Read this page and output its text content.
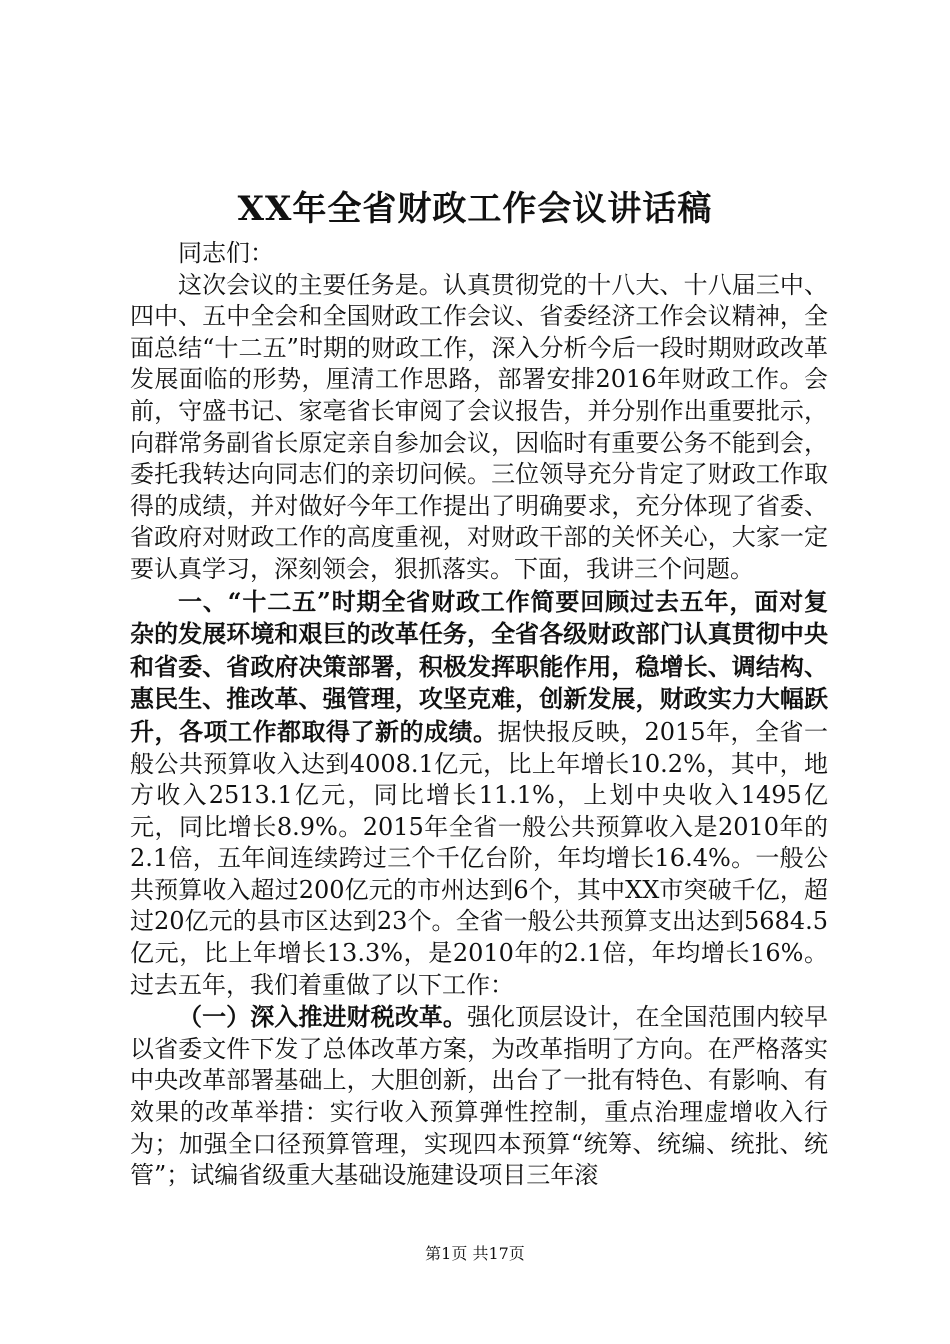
XX年全省财政工作会议讲话稿

同志们：

这次会议的主要任务是。认真贯彻党的十八大、十八届三中、四中、五中全会和全国财政工作会议、省委经济工作会议精神，全面总结“十二五”时期的财政工作，深入分析今后一段时期财政改革发展面临的形势，厘清工作思路，部署安排2016年财政工作。会前，守盛书记、家亳省长审阅了会议报告，并分别作出重要批示，向群常务副省长原定亲自参加会议，因临时有重要公务不能到会，委托我转达向同志们的亲切问候。三位领导充分肯定了财政工作取得的成绩，并对做好今年工作提出了明确要求，充分体现了省委、省政府对财政工作的高度重视，对财政干部的关怀关心，大家一定要认真学习，深刻领会，狠抓落实。下面，我讲三个问题。

一、“十二五”时期全省财政工作简要回顾过去五年，面对复杂的发展环境和艰巨的改革任务，全省各级财政部门认真贯彻中央和省委、省政府决策部署，积极发挥职能作用，稳增长、调结构、惠民生、推改革、强管理，攻坚克难，创新发展，财政实力大幅跃升，各项工作都取得了新的成绩。据快报反映，2015年，全省一般公共预算收入达到4008.1亿元，比上年增长10.2%，其中，地方收入2513.1亿元，同比增长11.1%，上划中央收入1495亿元，同比增长8.9%。2015年全省一般公共预算收入是2010年的2.1倍，五年间连续跨过三个千亿台阶，年均增长16.4%。一般公共预算收入超过200亿元的市州达到6个，其中XX市突破千亿，超过20亿元的县市区达到23个。全省一般公共预算支出达到5684.5亿元，比上年增长13.3%，是2010年的2.1倍，年均增长16%。过去五年，我们着重做了以下工作：

（一）深入推进财税改革。强化顶层设计，在全国范围内较早以省委文件下发了总体改革方案，为改革指明了方向。在严格落实中央改革部署基础上，大胆创新，出台了一批有特色、有影响、有效果的改革举措：实行收入预算弹性控制，重点治理虚增收入行为；加强全口径预算管理，实现四本预算“统筹、统编、统批、统管”；试编省级重大基础设施建设项目三年滚

第1页 共17页
